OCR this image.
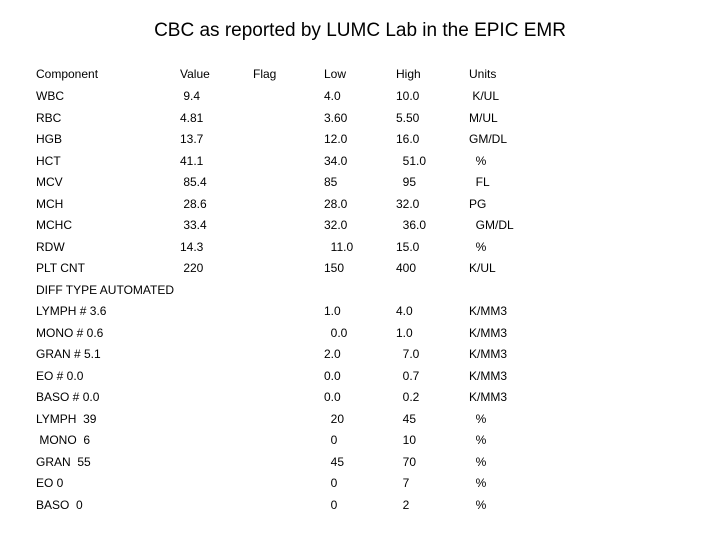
CBC as reported by LUMC Lab in the EPIC EMR
Component	Value	Flag	Low	High	Units
WBC	9.4	4.0	10.0	K/UL
RBC	4.81	3.60	5.50	M/UL
HGB	13.7	12.0	16.0	GM/DL
HCT	41.1	34.0	51.0	%
MCV	85.4	85	95	FL
MCH	28.6	28.0	32.0	PG
MCHC	33.4	32.0	36.0	GM/DL
RDW	14.3	11.0	15.0	%
PLT CNT	220	150	400	K/UL
DIFF TYPE AUTOMATED
LYMPH # 3.6	1.0	4.0	K/MM3
MONO # 0.6	0.0	1.0	K/MM3
GRAN # 5.1	2.0	7.0	K/MM3
EO # 0.0	0.0	0.7	K/MM3
BASO # 0.0	0.0	0.2	K/MM3
LYMPH  39	20	45	%
MONO  6	0	10	%
GRAN  55	45	70	%
EO 0	0	7	%
BASO  0	0	2	%
